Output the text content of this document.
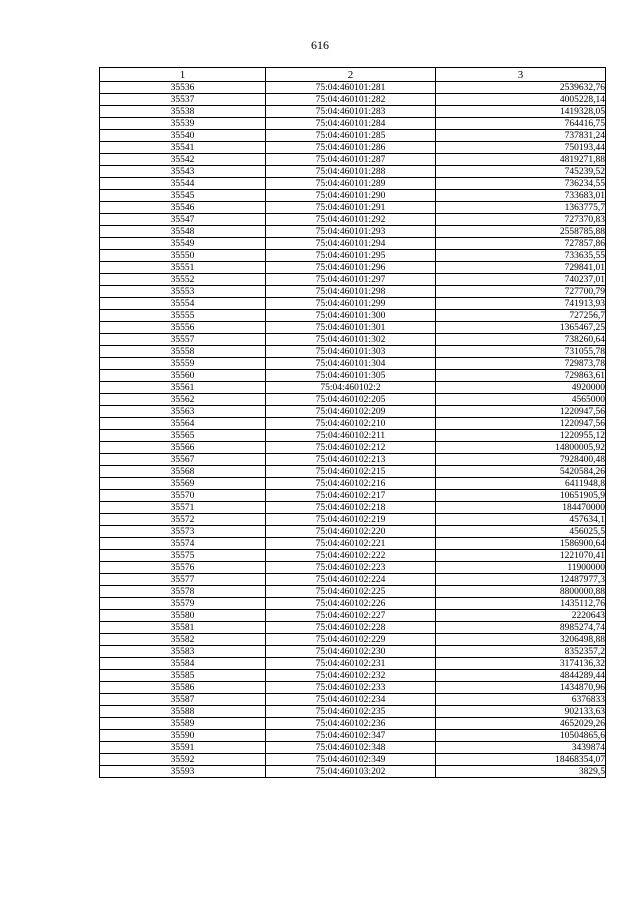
616
1	2	3
35536	75:04:460101:281	2539632,76
35537	75:04:460101:282	4005228,14
35538	75:04:460101:283	1419328,05
35539	75:04:460101:284	764416,75
35540	75:04:460101:285	737831,24
35541	75:04:460101:286	750193,44
35542	75:04:460101:287	4819271,88
35543	75:04:460101:288	745239,52
35544	75:04:460101:289	736234,55
35545	75:04:460101:290	733683,01
35546	75:04:460101:291	1363775,7
35547	75:04:460101:292	727370,83
35548	75:04:460101:293	2558785,88
35549	75:04:460101:294	727857,86
35550	75:04:460101:295	733635,55
35551	75:04:460101:296	729841,01
35552	75:04:460101:297	740237,01
35553	75:04:460101:298	727700,79
35554	75:04:460101:299	741913,93
35555	75:04:460101:300	727256,7
35556	75:04:460101:301	1365467,25
35557	75:04:460101:302	738260,64
35558	75:04:460101:303	731055,78
35559	75:04:460101:304	729873,78
35560	75:04:460101:305	729863,61
35561	75:04:460102:2	4920000
35562	75:04:460102:205	4565000
35563	75:04:460102:209	1220947,56
35564	75:04:460102:210	1220947,56
35565	75:04:460102:211	1220955,12
35566	75:04:460102:212	14800005,92
35567	75:04:460102:213	7928400,48
35568	75:04:460102:215	5420584,26
35569	75:04:460102:216	6411948,8
35570	75:04:460102:217	10651905,9
35571	75:04:460102:218	184470000
35572	75:04:460102:219	457634,1
35573	75:04:460102:220	456025,5
35574	75:04:460102:221	1586900,64
35575	75:04:460102:222	1221070,41
35576	75:04:460102:223	11900000
35577	75:04:460102:224	12487977,3
35578	75:04:460102:225	8800000,88
35579	75:04:460102:226	1435112,76
35580	75:04:460102:227	2220643
35581	75:04:460102:228	8985274,74
35582	75:04:460102:229	3206498,88
35583	75:04:460102:230	8352357,2
35584	75:04:460102:231	3174136,32
35585	75:04:460102:232	4844289,44
35586	75:04:460102:233	1434870,96
35587	75:04:460102:234	6376833
35588	75:04:460102:235	902133,63
35589	75:04:460102:236	4652029,26
35590	75:04:460102:347	10504865,6
35591	75:04:460102:348	3439874
35592	75:04:460102:349	18468354,07
35593	75:04:460103:202	3829,5
